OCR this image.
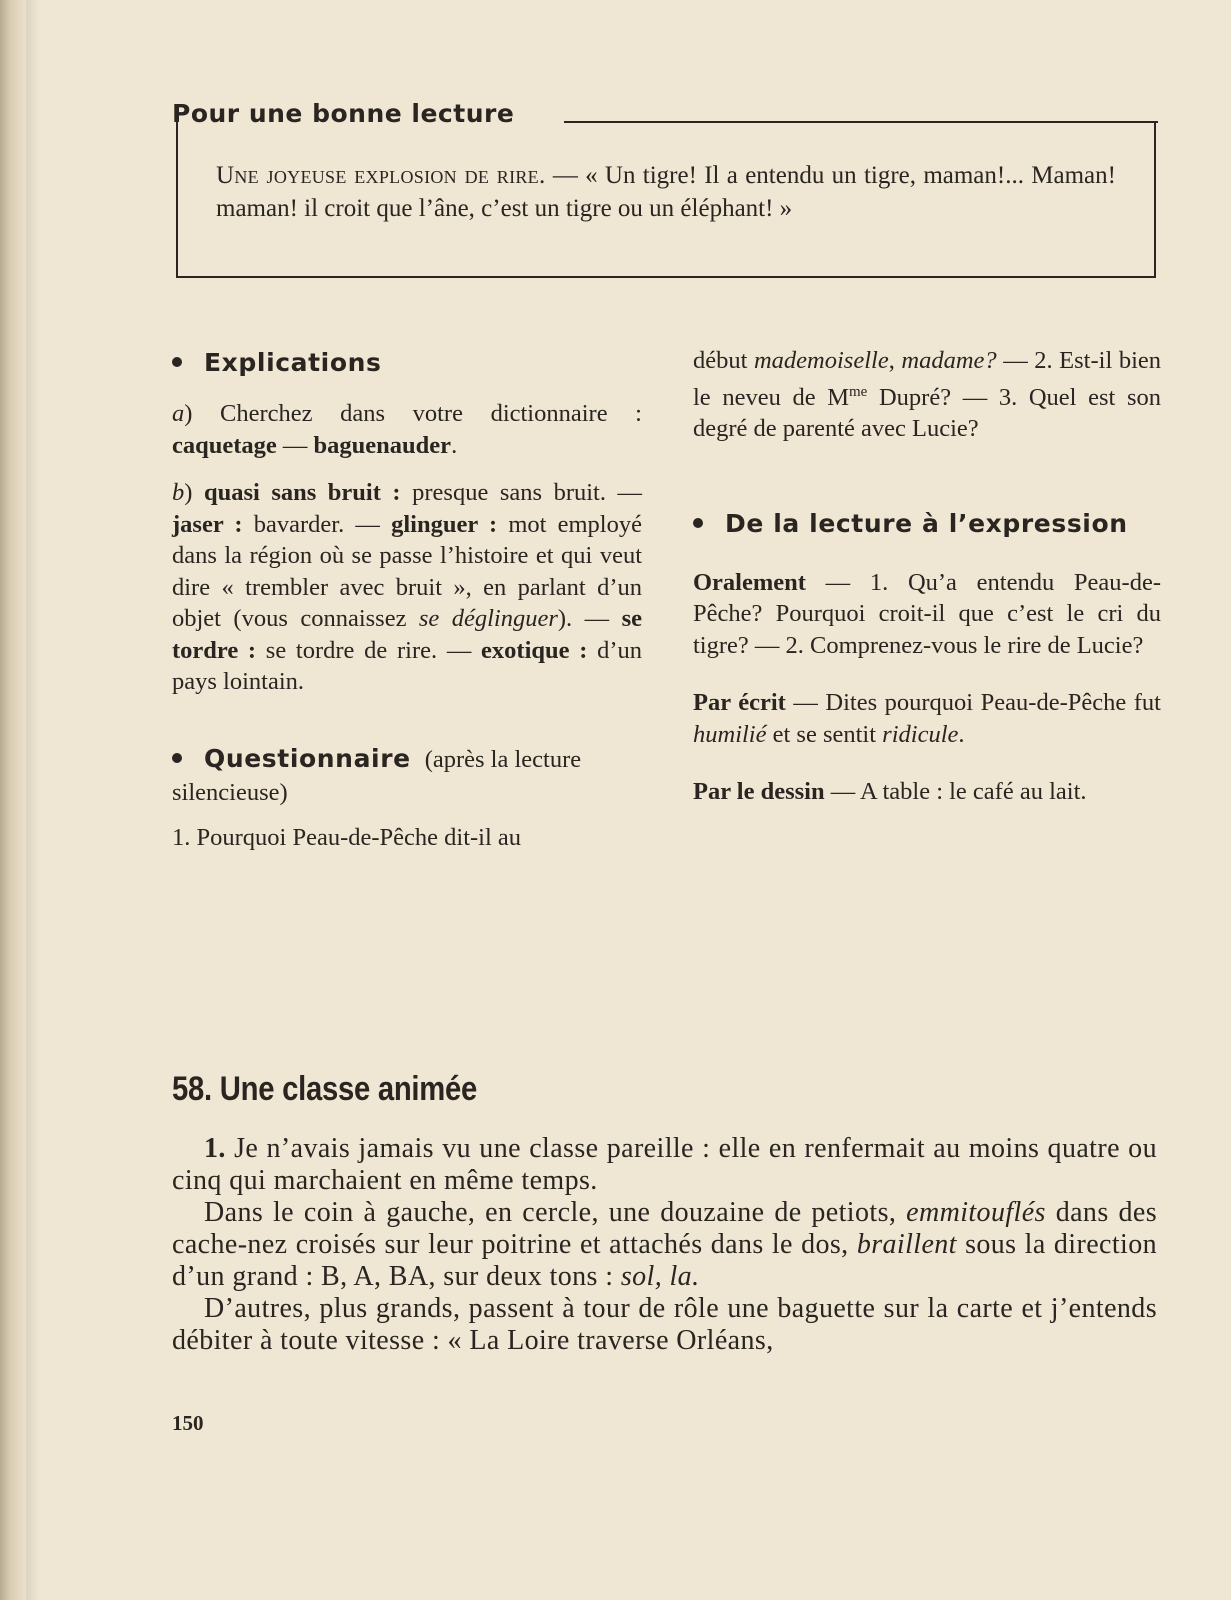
Pour une bonne lecture
Une joyeuse explosion de rire. — « Un tigre! Il a entendu un tigre, maman!... Maman! maman! il croit que l’âne, c’est un tigre ou un éléphant! »
Explications

a) Cherchez dans votre dictionnaire : caquetage — baguenauder.

b) quasi sans bruit : presque sans bruit. — jaser : bavarder. — glinguer : mot employé dans la région où se passe l’histoire et qui veut dire « trembler avec bruit », en parlant d’un objet (vous connaissez se déglinguer). — se tordre : se tordre de rire. — exotique : d’un pays lointain.

Questionnaire (après la lecture

silencieuse)

1. Pourquoi Peau-de-Pêche dit-il au

début mademoiselle, madame? — 2. Est-il bien le neveu de $M^{me}$ Dupré? — 3. Quel est son degré de parenté avec Lucie?

De la lecture à l’expression

Oralement — 1. Qu’a entendu Peau-de-Pêche? Pourquoi croit-il que c’est le cri du tigre? — 2. Comprenez-vous le rire de Lucie?

Par écrit — Dites pourquoi Peau-de-Pêche fut humilié et se sentit ridicule.

Par le dessin — A table : le café au lait.

58. Une classe animée

1. Je n’avais jamais vu une classe pareille : elle en renfermait au moins quatre ou cinq qui marchaient en même temps.

Dans le coin à gauche, en cercle, une douzaine de petiots, emmitouflés dans des cache-nez croisés sur leur poitrine et attachés dans le dos, braillent sous la direction d’un grand : B, A, BA, sur deux tons : sol, la.

D’autres, plus grands, passent à tour de rôle une baguette sur la carte et j’entends débiter à toute vitesse : « La Loire traverse Orléans,

150
